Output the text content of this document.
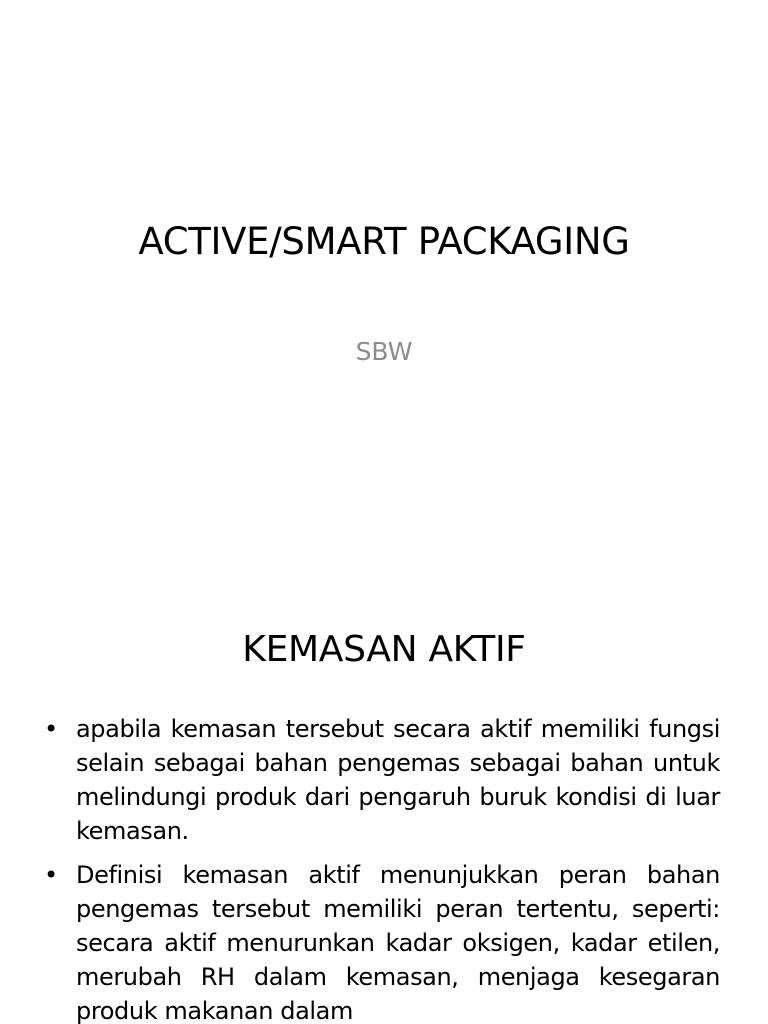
ACTIVE/SMART PACKAGING
SBW
KEMASAN AKTIF
• apabila kemasan tersebut secara aktif memiliki fungsi selain sebagai bahan pengemas sebagai bahan untuk melindungi produk dari pengaruh buruk kondisi di luar kemasan.
• Definisi kemasan aktif menunjukkan peran bahan pengemas tersebut memiliki peran tertentu, seperti: secara aktif menurunkan kadar oksigen, kadar etilen, merubah RH dalam kemasan, menjaga kesegaran produk makanan dalam
